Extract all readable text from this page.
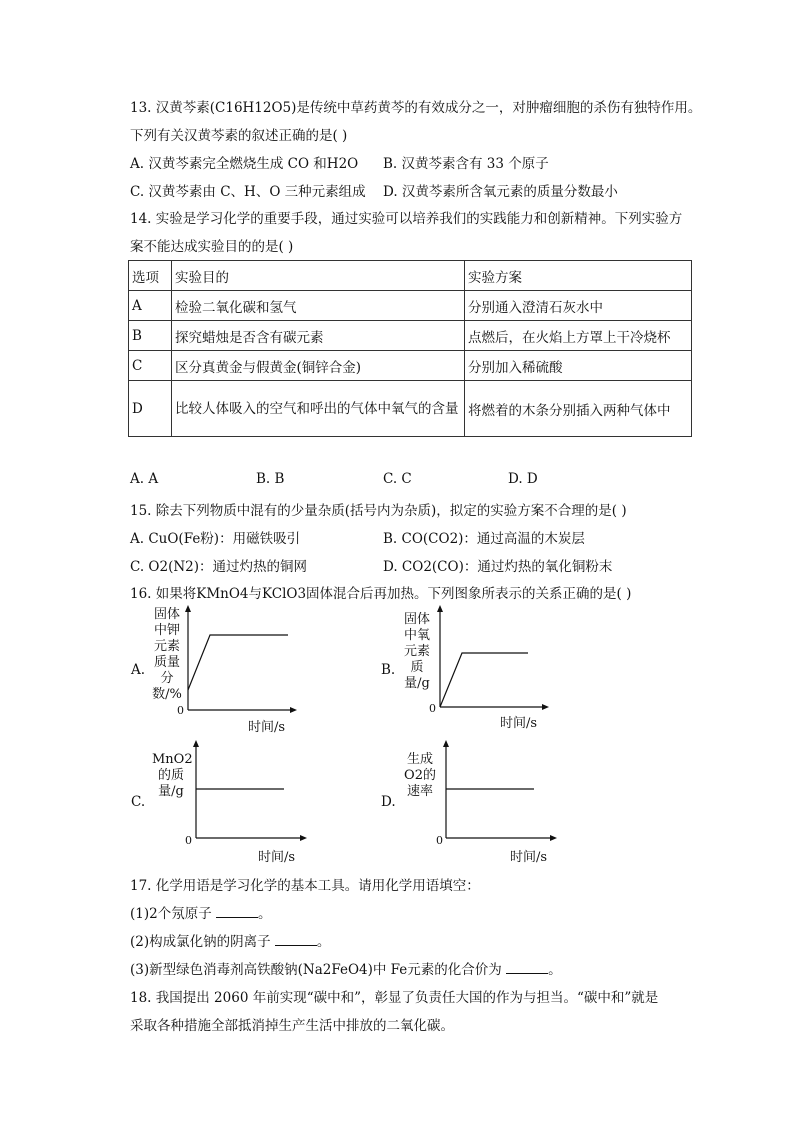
13. 汉黄芩素(C16H12O5)是传统中草药黄芩的有效成分之一，对肿瘤细胞的杀伤有独特作用。
下列有关汉黄芩素的叙述正确的是( )
A. 汉黄芩素完全燃烧生成 CO 和H2O B. 汉黄芩素含有 33 个原子
C. 汉黄芩素由 C、H、O 三种元素组成 D. 汉黄芩素所含氧元素的质量分数最小
14. 实验是学习化学的重要手段，通过实验可以培养我们的实践能力和创新精神。下列实验方
案不能达成实验目的的是( )
选项	实验目的	实验方案
A	检验二氧化碳和氢气	分别通入澄清石灰水中
B	探究蜡烛是否含有碳元素	点燃后，在火焰上方罩上干冷烧杯
C	区分真黄金与假黄金(铜锌合金)	分别加入稀硫酸
D	比较人体吸入的空气和呼出的气体中氧气的含量	将燃着的木条分别插入两种气体中
A. A	B. B	C. C	D. D
15. 除去下列物质中混有的少量杂质(括号内为杂质)，拟定的实验方案不合理的是( )
A. CuO(Fe粉)：用磁铁吸引	B. CO(CO2)：通过高温的木炭层
C. O2(N2)：通过灼热的铜网	D. CO2(CO)：通过灼热的氧化铜粉末
16. 如果将KMnO4与KClO3固体混合后再加热。下列图象所表示的关系正确的是( )
A.
固体中钾元素质量分数/%
0
时间/s
B.
固体中氧元素质量/g
0
时间/s
C.
MnO2的质量/g
0
时间/s
D.
生成O2的速率
0
时间/s
17. 化学用语是学习化学的基本工具。请用化学用语填空：
(1)2个氖原子	。
(2)构成氯化钠的阴离子	。
(3)新型绿色消毒剂高铁酸钠(Na2FeO4)中 Fe元素的化合价为	。
18. 我国提出 2060 年前实现“碳中和”，彰显了负责任大国的作为与担当。“碳中和”就是
采取各种措施全部抵消掉生产生活中排放的二氧化碳。
